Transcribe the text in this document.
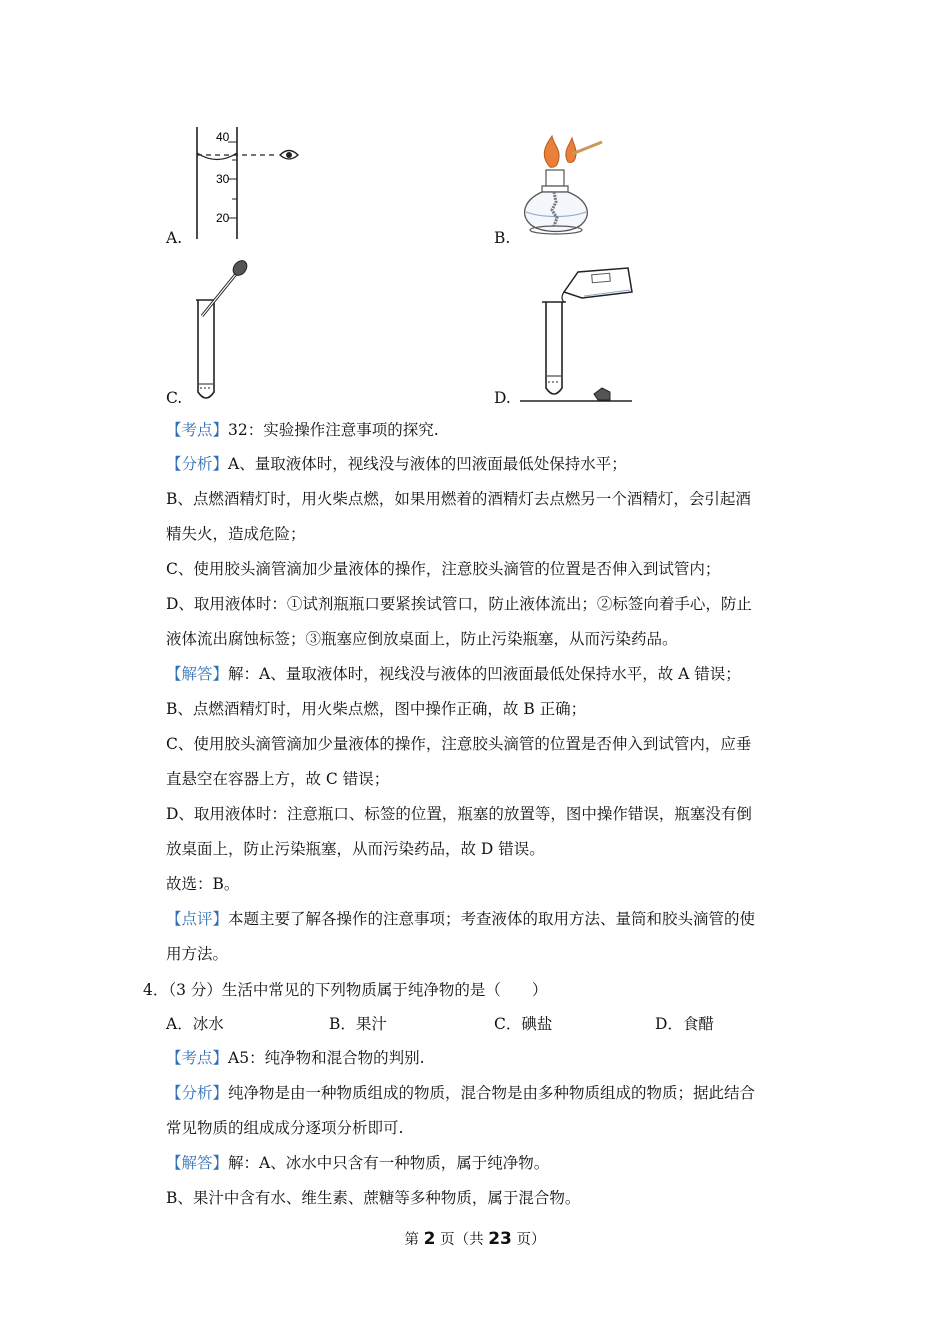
A.
40
30
20
B.
C.	D.
【考点】32：实验操作注意事项的探究.
【分析】A、量取液体时，视线没与液体的凹液面最低处保持水平；
B、点燃酒精灯时，用火柴点燃，如果用燃着的酒精灯去点燃另一个酒精灯，会引起酒
精失火，造成危险；
C、使用胶头滴管滴加少量液体的操作，注意胶头滴管的位置是否伸入到试管内；
D、取用液体时：①试剂瓶瓶口要紧挨试管口，防止液体流出；②标签向着手心，防止
液体流出腐蚀标签；③瓶塞应倒放桌面上，防止污染瓶塞，从而污染药品。
【解答】解：A、量取液体时，视线没与液体的凹液面最低处保持水平，故 A 错误；
B、点燃酒精灯时，用火柴点燃，图中操作正确，故 B 正确；
C、使用胶头滴管滴加少量液体的操作，注意胶头滴管的位置是否伸入到试管内，应垂
直悬空在容器上方，故 C 错误；
D、取用液体时：注意瓶口、标签的位置，瓶塞的放置等，图中操作错误，瓶塞没有倒
放桌面上，防止污染瓶塞，从而污染药品，故 D 错误。
故选：B。
【点评】本题主要了解各操作的注意事项；考查液体的取用方法、量筒和胶头滴管的使
用方法。
4．（3 分）生活中常见的下列物质属于纯净物的是（　　）
A．冰水	B．果汁	C．碘盐	D．食醋
【考点】A5：纯净物和混合物的判别.
【分析】纯净物是由一种物质组成的物质，混合物是由多种物质组成的物质；据此结合
常见物质的组成成分逐项分析即可.
【解答】解：A、冰水中只含有一种物质，属于纯净物。
B、果汁中含有水、维生素、蔗糖等多种物质，属于混合物。
第 2 页（共 23 页）
